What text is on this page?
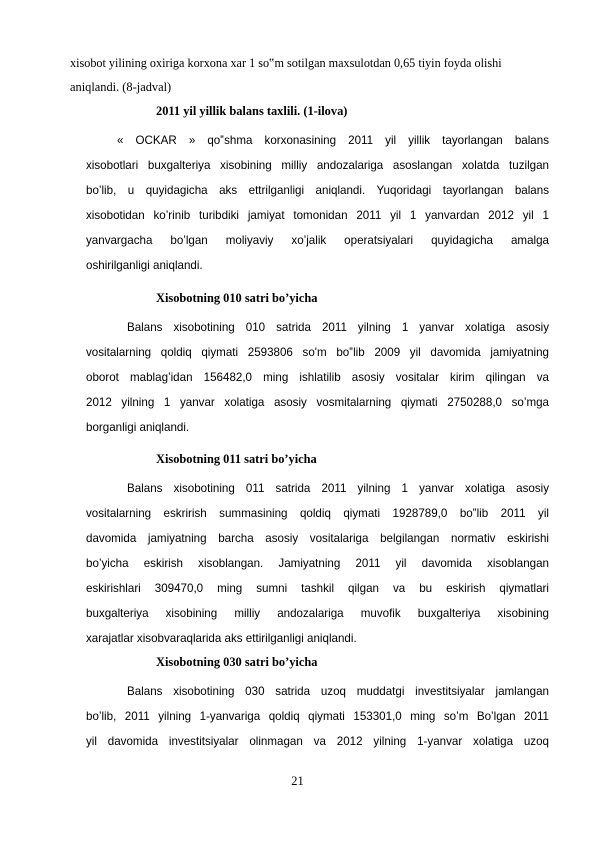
xisobot yilining oxiriga korxona xar 1 so‟m sotilgan maxsulotdan 0,65 tiyin foyda olishi
aniqlandi. (8-jadval)
2011 yil yillik balans taxlili. (1-ilova)
« OCKAR » qo‟shma korxonasining 2011 yil yillik tayorlangan balans
xisobotlari buxgalteriya xisobining milliy andozalariga asoslangan xolatda tuzilgan
bo’lib, u quyidagicha aks ettrilganligi aniqlandi. Yuqoridagi tayorlangan balans
xisobotidan ko’rinib turibdiki jamiyat tomonidan 2011 yil 1 yanvardan 2012 yil 1
yanvargacha bo’lgan moliyaviy xo’jalik operatsiyalari quyidagicha amalga
oshirilganligi aniqlandi.
Xisobotning 010 satri bo’yicha
Balans xisobotining 010 satrida 2011 yilning 1 yanvar xolatiga asosiy
vositalarning qoldiq qiymati 2593806 so'm bo‟lib 2009 yil davomida jamiyatning
oborot mablag’idan 156482,0 ming ishlatilib asosiy vositalar kirim qilingan va
2012 yilning 1 yanvar xolatiga asosiy vosmitalarning qiymati 2750288,0 so’mga
borganligi aniqlandi.
Xisobotning 011 satri bo’yicha
Balans xisobotining 011 satrida 2011 yilning 1 yanvar xolatiga asosiy
vositalarning eskrirish summasining qoldiq qiymati 1928789,0 bo‟lib 2011 yil
davomida jamiyatning barcha asosiy vositalariga belgilangan normativ eskirishi
bo’yicha eskirish xisoblangan. Jamiyatning 2011 yil davomida xisoblangan
eskirishlari 309470,0 ming sumni tashkil qilgan va bu eskirish qiymatlari
buxgalteriya xisobining milliy andozalariga muvofik buxgalteriya xisobining
xarajatlar xisobvaraqlarida aks ettirilganligi aniqlandi.
Xisobotning 030 satri bo’yicha
Balans xisobotining 030 satrida uzoq muddatgi investitsiyalar jamlangan
bo’lib, 2011 yilning 1-yanvariga qoldiq qiymati 153301,0 ming so’m Bo’lgan 2011
yil davomida investitsiyalar olinmagan va 2012 yilning 1-yanvar xolatiga uzoq
21
